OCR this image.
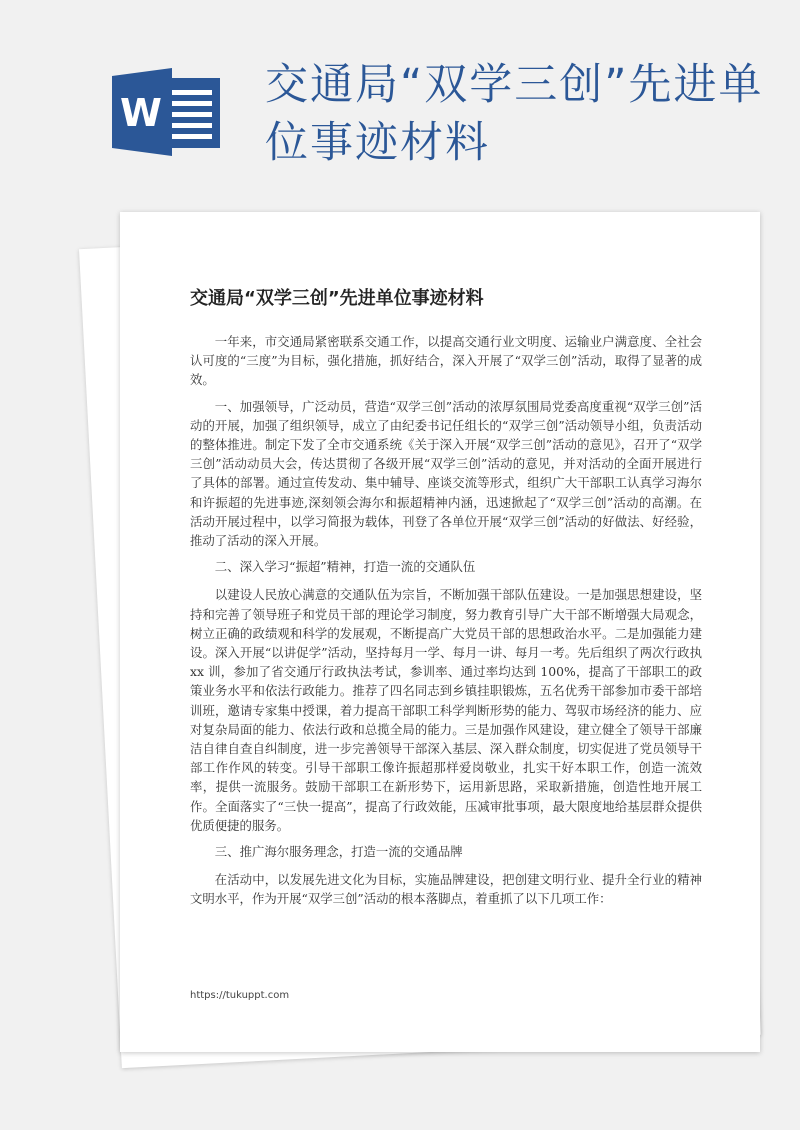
W
交通局“双学三创”先进单位事迹材料
交通局“双学三创”先进单位事迹材料

一年来，市交通局紧密联系交通工作，以提高交通行业文明度、运输业户满意度、全社会认可度的“三度”为目标，强化措施，抓好结合，深入开展了“双学三创”活动，取得了显著的成效。

一、加强领导，广泛动员，营造“双学三创”活动的浓厚氛围局党委高度重视“双学三创”活动的开展，加强了组织领导，成立了由纪委书记任组长的“双学三创”活动领导小组，负责活动的整体推进。制定下发了全市交通系统《关于深入开展“双学三创”活动的意见》，召开了“双学三创”活动动员大会，传达贯彻了各级开展“双学三创”活动的意见，并对活动的全面开展进行了具体的部署。通过宣传发动、集中辅导、座谈交流等形式，组织广大干部职工认真学习海尔和许振超的先进事迹,深刻领会海尔和振超精神内涵，迅速掀起了“双学三创”活动的高潮。在活动开展过程中，以学习简报为载体，刊登了各单位开展“双学三创”活动的好做法、好经验，推动了活动的深入开展。

二、深入学习“振超”精神，打造一流的交通队伍

以建设人民放心满意的交通队伍为宗旨，不断加强干部队伍建设。一是加强思想建设，坚持和完善了领导班子和党员干部的理论学习制度，努力教育引导广大干部不断增强大局观念，树立正确的政绩观和科学的发展观，不断提高广大党员干部的思想政治水平。二是加强能力建设。深入开展“以讲促学”活动，坚持每月一学、每月一讲、每月一考。先后组织了两次行政执 xx 训，参加了省交通厅行政执法考试，参训率、通过率均达到 100%，提高了干部职工的政策业务水平和依法行政能力。推荐了四名同志到乡镇挂职锻炼，五名优秀干部参加市委干部培训班，邀请专家集中授课，着力提高干部职工科学判断形势的能力、驾驭市场经济的能力、应对复杂局面的能力、依法行政和总揽全局的能力。三是加强作风建设，建立健全了领导干部廉洁自律自查自纠制度，进一步完善领导干部深入基层、深入群众制度，切实促进了党员领导干部工作作风的转变。引导干部职工像许振超那样爱岗敬业，扎实干好本职工作，创造一流效率，提供一流服务。鼓励干部职工在新形势下，运用新思路，采取新措施，创造性地开展工作。全面落实了“三快一提高”，提高了行政效能，压减审批事项，最大限度地给基层群众提供优质便捷的服务。

三、推广海尔服务理念，打造一流的交通品牌

在活动中，以发展先进文化为目标，实施品牌建设，把创建文明行业、提升全行业的精神文明水平，作为开展“双学三创”活动的根本落脚点，着重抓了以下几项工作：

https://tukuppt.com
